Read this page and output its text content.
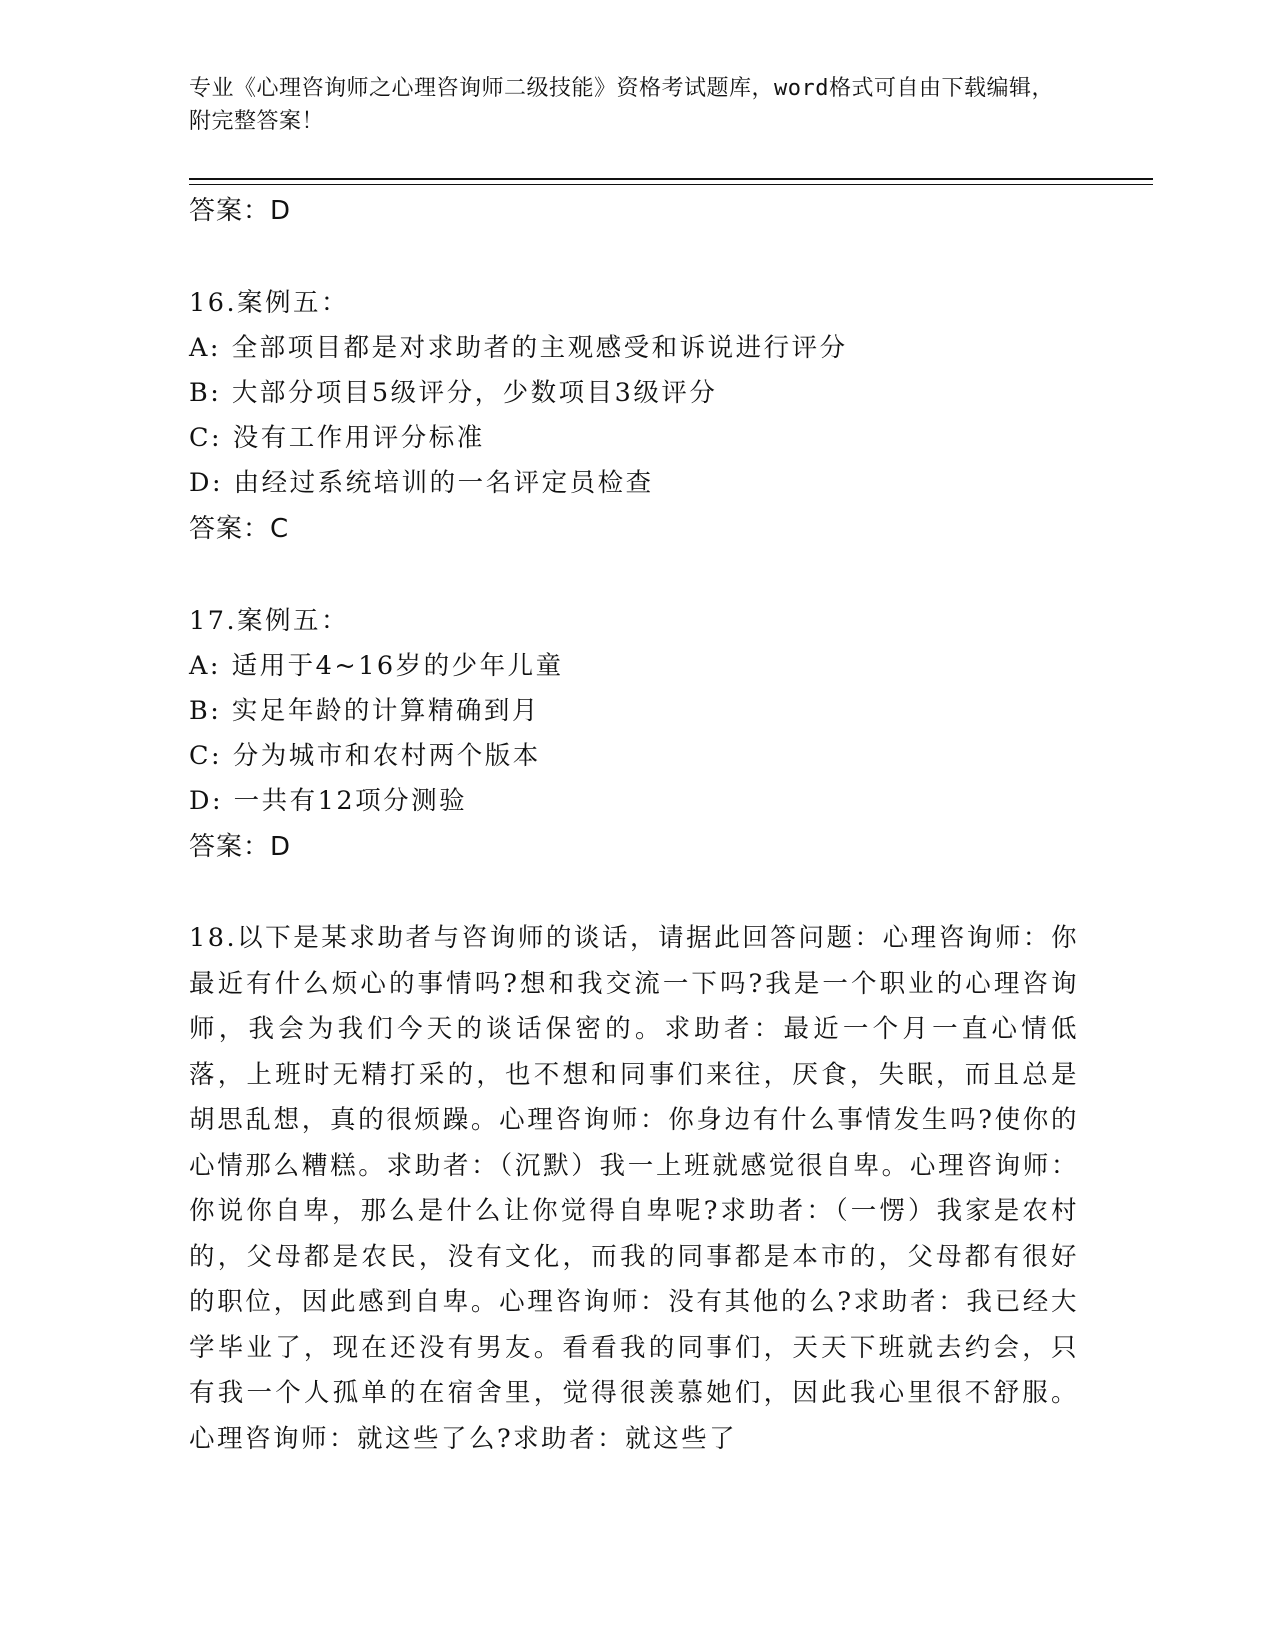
专业《心理咨询师之心理咨询师二级技能》资格考试题库，word格式可自由下载编辑，附完整答案！
答案：D
16.案例五：
A: 全部项目都是对求助者的主观感受和诉说进行评分
B: 大部分项目5级评分，少数项目3级评分
C: 没有工作用评分标准
D: 由经过系统培训的一名评定员检查
答案：C
17.案例五：
A: 适用于4~16岁的少年儿童
B: 实足年龄的计算精确到月
C: 分为城市和农村两个版本
D: 一共有12项分测验
答案：D
18.以下是某求助者与咨询师的谈话，请据此回答问题：心理咨询师：你最近有什么烦心的事情吗?想和我交流一下吗?我是一个职业的心理咨询师，我会为我们今天的谈话保密的。求助者：最近一个月一直心情低落，上班时无精打采的，也不想和同事们来往，厌食，失眠，而且总是胡思乱想，真的很烦躁。心理咨询师：你身边有什么事情发生吗?使你的心情那么糟糕。求助者：（沉默）我一上班就感觉很自卑。心理咨询师：你说你自卑，那么是什么让你觉得自卑呢?求助者：（一愣）我家是农村的，父母都是农民，没有文化，而我的同事都是本市的，父母都有很好的职位，因此感到自卑。心理咨询师：没有其他的么?求助者：我已经大学毕业了，现在还没有男友。看看我的同事们，天天下班就去约会，只有我一个人孤单的在宿舍里，觉得很羡慕她们，因此我心里很不舒服。心理咨询师：就这些了么?求助者：就这些了
